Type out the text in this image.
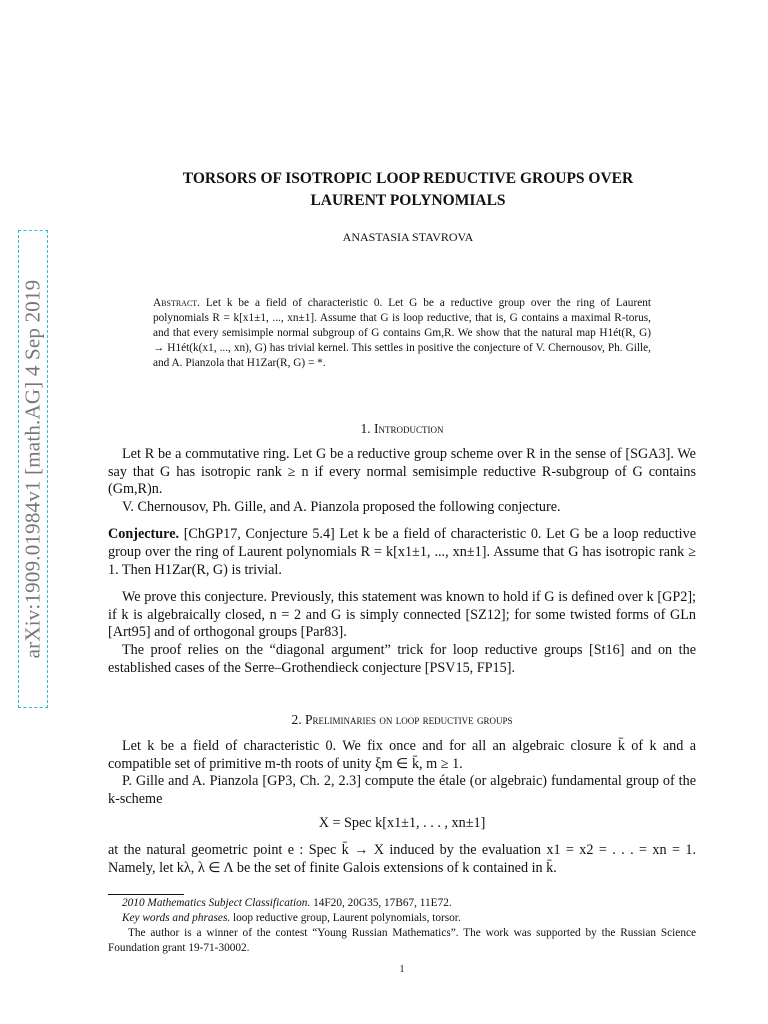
arXiv:1909.01984v1 [math.AG] 4 Sep 2019
TORSORS OF ISOTROPIC LOOP REDUCTIVE GROUPS OVER
LAURENT POLYNOMIALS
ANASTASIA STAVROVA
Abstract. Let k be a field of characteristic 0. Let G be a reductive group over the ring of Laurent polynomials R = k[x1±1, ..., xn±1]. Assume that G is loop reductive, that is, G contains a maximal R-torus, and that every semisimple normal subgroup of G contains Gm,R. We show that the natural map H1ét(R, G) → H1ét(k(x1, ..., xn), G) has trivial kernel. This settles in positive the conjecture of V. Chernousov, Ph. Gille, and A. Pianzola that H1Zar(R, G) = *.
1. Introduction
Let R be a commutative ring. Let G be a reductive group scheme over R in the sense of [SGA3]. We say that G has isotropic rank ≥ n if every normal semisimple reductive R-subgroup of G contains (Gm,R)n.
V. Chernousov, Ph. Gille, and A. Pianzola proposed the following conjecture.
Conjecture. [ChGP17, Conjecture 5.4] Let k be a field of characteristic 0. Let G be a loop reductive group over the ring of Laurent polynomials R = k[x1±1, ..., xn±1]. Assume that G has isotropic rank ≥ 1. Then H1Zar(R, G) is trivial.
We prove this conjecture. Previously, this statement was known to hold if G is defined over k [GP2]; if k is algebraically closed, n = 2 and G is simply connected [SZ12]; for some twisted forms of GLn [Art95] and of orthogonal groups [Par83].
The proof relies on the “diagonal argument” trick for loop reductive groups [St16] and on the established cases of the Serre–Grothendieck conjecture [PSV15, FP15].
2. Preliminaries on loop reductive groups
Let k be a field of characteristic 0. We fix once and for all an algebraic closure k̄ of k and a compatible set of primitive m-th roots of unity ξm ∈ k̄, m ≥ 1.
P. Gille and A. Pianzola [GP3, Ch. 2, 2.3] compute the étale (or algebraic) fundamental group of the k-scheme
X = Spec k[x1±1, . . . , xn±1]
at the natural geometric point e : Spec k̄ → X induced by the evaluation x1 = x2 = . . . = xn = 1. Namely, let kλ, λ ∈ Λ be the set of finite Galois extensions of k contained in k̄.
2010 Mathematics Subject Classification. 14F20, 20G35, 17B67, 11E72.
Key words and phrases. loop reductive group, Laurent polynomials, torsor.
The author is a winner of the contest “Young Russian Mathematics”. The work was supported by the Russian Science Foundation grant 19-71-30002.
1
